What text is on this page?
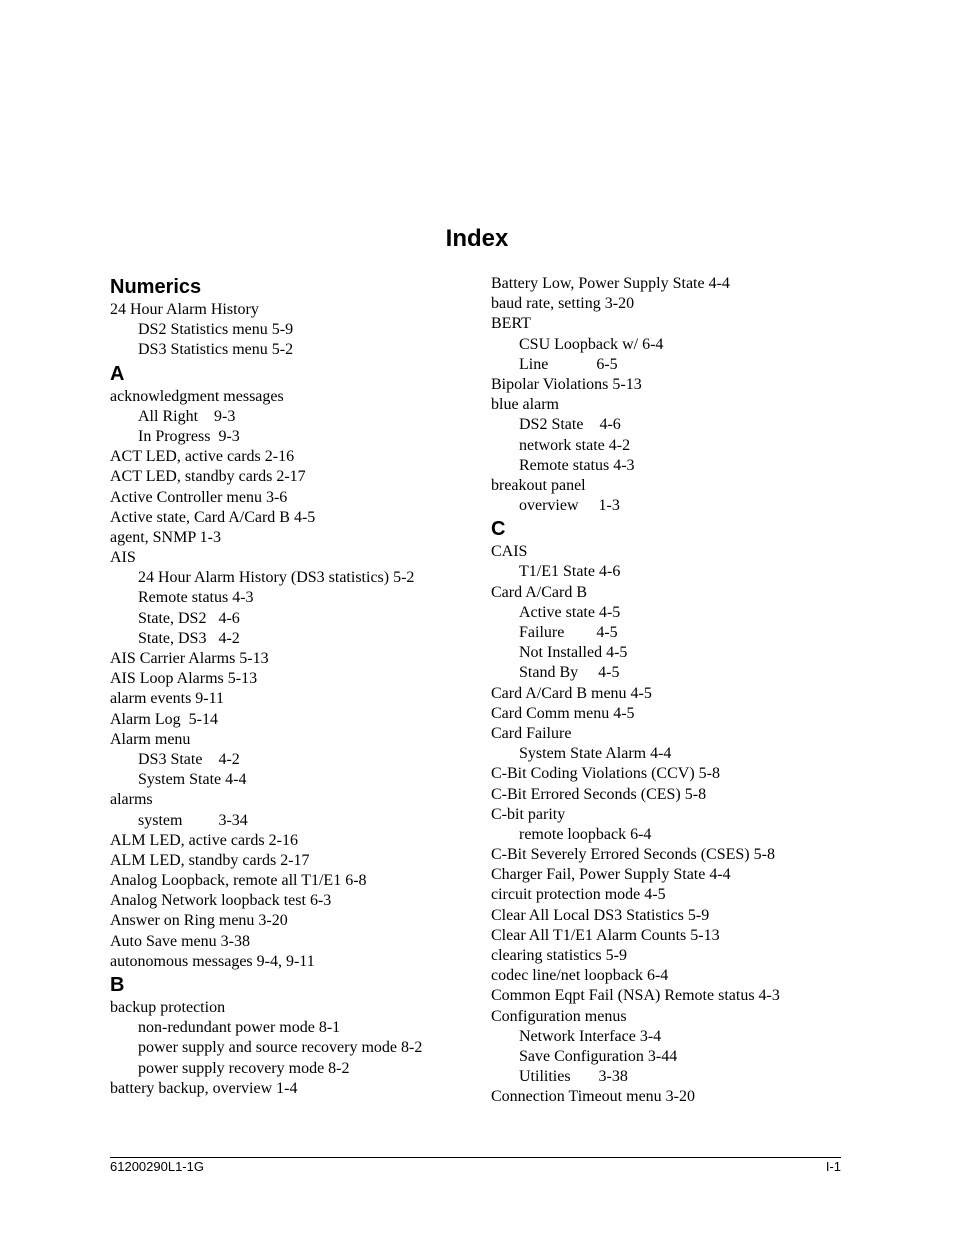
Index
Numerics
24 Hour Alarm History
DS2 Statistics menu 5-9
DS3 Statistics menu 5-2
A
acknowledgment messages
All Right    9-3
In Progress  9-3
ACT LED, active cards 2-16
ACT LED, standby cards 2-17
Active Controller menu 3-6
Active state, Card A/Card B 4-5
agent, SNMP 1-3
AIS
24 Hour Alarm History (DS3 statistics) 5-2
Remote status 4-3
State, DS2   4-6
State, DS3   4-2
AIS Carrier Alarms 5-13
AIS Loop Alarms 5-13
alarm events 9-11
Alarm Log  5-14
Alarm menu
DS3 State    4-2
System State 4-4
alarms
system         3-34
ALM LED, active cards 2-16
ALM LED, standby cards 2-17
Analog Loopback, remote all T1/E1 6-8
Analog Network loopback test 6-3
Answer on Ring menu 3-20
Auto Save menu 3-38
autonomous messages 9-4, 9-11
B
backup protection
non-redundant power mode 8-1
power supply and source recovery mode 8-2
power supply recovery mode 8-2
battery backup, overview 1-4
Battery Low, Power Supply State 4-4
baud rate, setting 3-20
BERT
CSU Loopback w/ 6-4
Line            6-5
Bipolar Violations 5-13
blue alarm
DS2 State    4-6
network state 4-2
Remote status 4-3
breakout panel
overview     1-3
C
CAIS
T1/E1 State 4-6
Card A/Card B
Active state 4-5
Failure        4-5
Not Installed 4-5
Stand By     4-5
Card A/Card B menu 4-5
Card Comm menu 4-5
Card Failure
System State Alarm 4-4
C-Bit Coding Violations (CCV) 5-8
C-Bit Errored Seconds (CES) 5-8
C-bit parity
remote loopback 6-4
C-Bit Severely Errored Seconds (CSES) 5-8
Charger Fail, Power Supply State 4-4
circuit protection mode 4-5
Clear All Local DS3 Statistics 5-9
Clear All T1/E1 Alarm Counts 5-13
clearing statistics 5-9
codec line/net loopback 6-4
Common Eqpt Fail (NSA) Remote status 4-3
Configuration menus
Network Interface 3-4
Save Configuration 3-44
Utilities       3-38
Connection Timeout menu 3-20
61200290L1-1G	I-1
